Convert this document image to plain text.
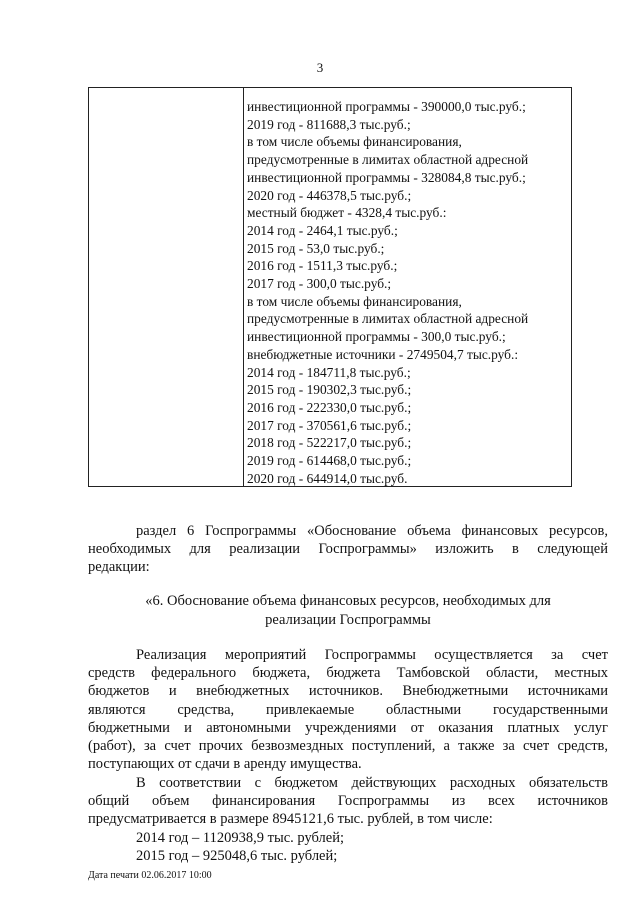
3
инвестиционной программы - 390000,0 тыс.руб.;
2019 год - 811688,3 тыс.руб.;
в том числе объемы финансирования,
предусмотренные в лимитах областной адресной
инвестиционной программы - 328084,8 тыс.руб.;
2020 год - 446378,5 тыс.руб.;
местный бюджет - 4328,4 тыс.руб.:
2014 год - 2464,1 тыс.руб.;
2015 год - 53,0 тыс.руб.;
2016 год - 1511,3 тыс.руб.;
2017 год - 300,0 тыс.руб.;
в том числе объемы финансирования,
предусмотренные в лимитах областной адресной
инвестиционной программы - 300,0 тыс.руб.;
внебюджетные источники - 2749504,7 тыс.руб.:
2014 год - 184711,8 тыс.руб.;
2015 год - 190302,3 тыс.руб.;
2016 год - 222330,0 тыс.руб.;
2017 год - 370561,6 тыс.руб.;
2018 год - 522217,0 тыс.руб.;
2019 год - 614468,0 тыс.руб.;
2020 год - 644914,0 тыс.руб.
раздел 6 Госпрограммы «Обоснование объема финансовых ресурсов,
необходимых для реализации Госпрограммы» изложить в следующей
редакции:
«6. Обоснование объема финансовых ресурсов, необходимых для
реализации Госпрограммы
Реализация мероприятий Госпрограммы осуществляется за счет
средств федерального бюджета, бюджета Тамбовской области, местных
бюджетов и внебюджетных источников. Внебюджетными источниками
являются средства, привлекаемые областными государственными
бюджетными и автономными учреждениями от оказания платных услуг
(работ), за счет прочих безвозмездных поступлений, а также за счет средств,
поступающих от сдачи в аренду имущества.
В соответствии с бюджетом действующих расходных обязательств
общий объем финансирования Госпрограммы из всех источников
предусматривается в размере 8945121,6 тыс. рублей, в том числе:
2014 год – 1120938,9 тыс. рублей;
2015 год – 925048,6 тыс. рублей;
Дата печати 02.06.2017 10:00
